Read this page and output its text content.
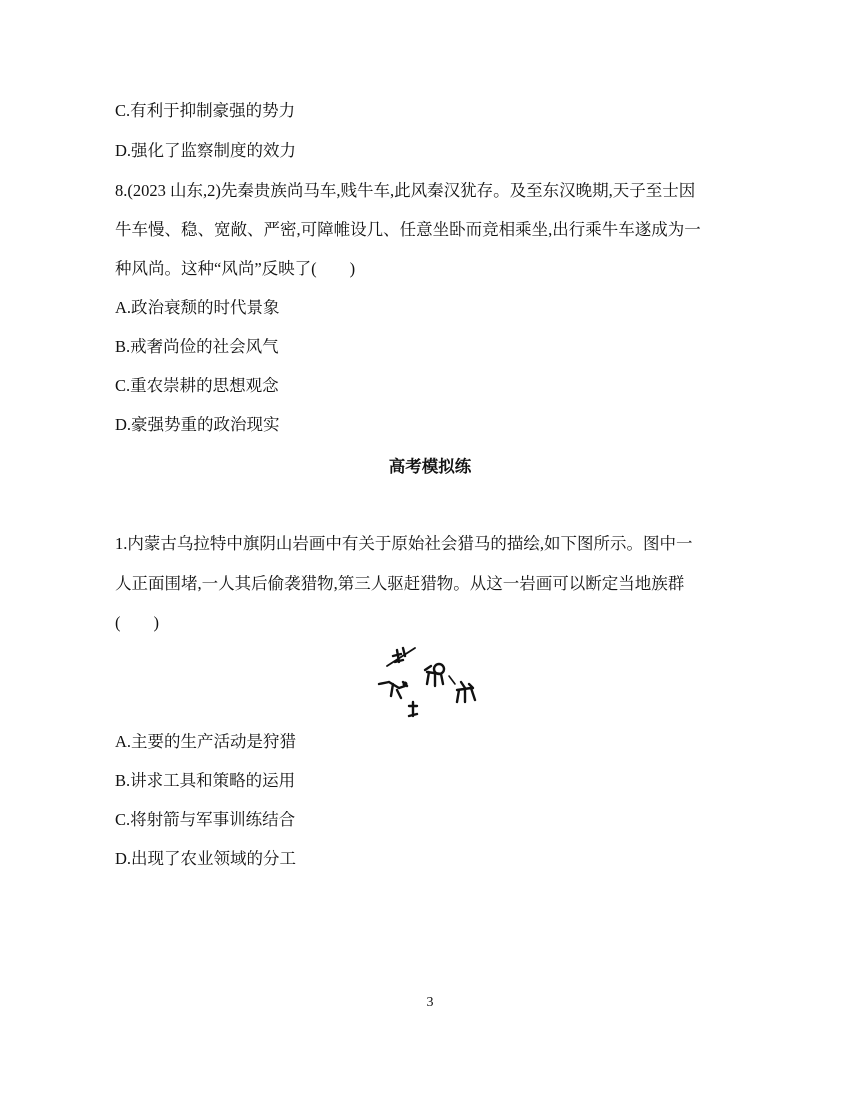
C.有利于抑制豪强的势力
D.强化了监察制度的效力
8.(2023 山东,2)先秦贵族尚马车,贱牛车,此风秦汉犹存。及至东汉晚期,天子至士因
牛车慢、稳、宽敞、严密,可障帷设几、任意坐卧而竞相乘坐,出行乘牛车遂成为一
种风尚。这种“风尚”反映了(　　)
A.政治衰颓的时代景象
B.戒奢尚俭的社会风气
C.重农崇耕的思想观念
D.豪强势重的政治现实
高考模拟练
1.内蒙古乌拉特中旗阴山岩画中有关于原始社会猎马的描绘,如下图所示。图中一
人正面围堵,一人其后偷袭猎物,第三人驱赶猎物。从这一岩画可以断定当地族群
(　　)
A.主要的生产活动是狩猎
B.讲求工具和策略的运用
C.将射箭与军事训练结合
D.出现了农业领域的分工
3
